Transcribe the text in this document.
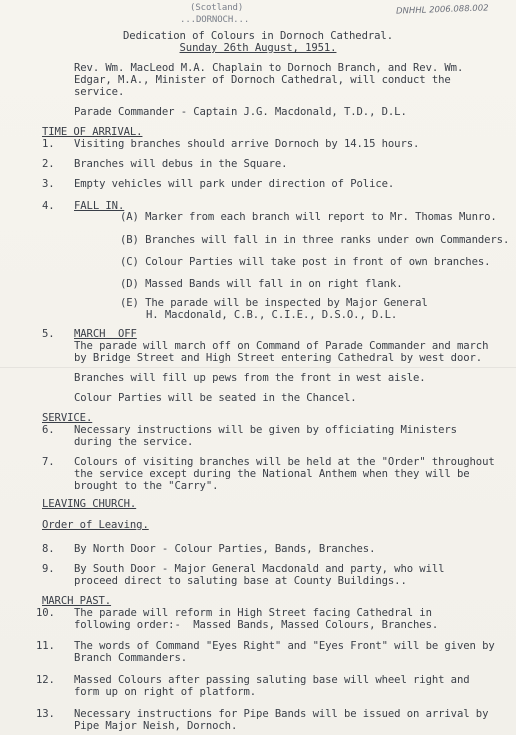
(Scotland)
...DORNOCH...
DNHHL 2006.088.002
Dedication of Colours in Dornoch Cathedral.
Sunday 26th August, 1951.
Rev. Wm. MacLeod M.A. Chaplain to Dornoch Branch, and Rev. Wm.
Edgar, M.A., Minister of Dornoch Cathedral, will conduct the
service.
Parade Commander - Captain J.G. Macdonald, T.D., D.L.
TIME OF ARRIVAL.
1. Visiting branches should arrive Dornoch by 14.15 hours.
2. Branches will debus in the Square.
3. Empty vehicles will park under direction of Police.
4. FALL IN.
(A) Marker from each branch will report to Mr. Thomas Munro.
(B) Branches will fall in in three ranks under own Commanders.
(C) Colour Parties will take post in front of own branches.
(D) Massed Bands will fall in on right flank.
(E) The parade will be inspected by Major General
H. Macdonald, C.B., C.I.E., D.S.O., D.L.
5. MARCH  OFF
The parade will march off on Command of Parade Commander and march
by Bridge Street and High Street entering Cathedral by west door.
Branches will fill up pews from the front in west aisle.
Colour Parties will be seated in the Chancel.
SERVICE.
6. Necessary instructions will be given by officiating Ministers
during the service.
7. Colours of visiting branches will be held at the "Order" throughout
the service except during the National Anthem when they will be
brought to the "Carry".
LEAVING CHURCH.
Order of Leaving.
8. By North Door - Colour Parties, Bands, Branches.
9. By South Door - Major General Macdonald and party, who will
proceed direct to saluting base at County Buildings..
MARCH PAST.
10. The parade will reform in High Street facing Cathedral in
following order:-  Massed Bands, Massed Colours, Branches.
11. The words of Command "Eyes Right" and "Eyes Front" will be given by
Branch Commanders.
12. Massed Colours after passing saluting base will wheel right and
form up on right of platform.
13. Necessary instructions for Pipe Bands will be issued on arrival by
Pipe Major Neish, Dornoch.
